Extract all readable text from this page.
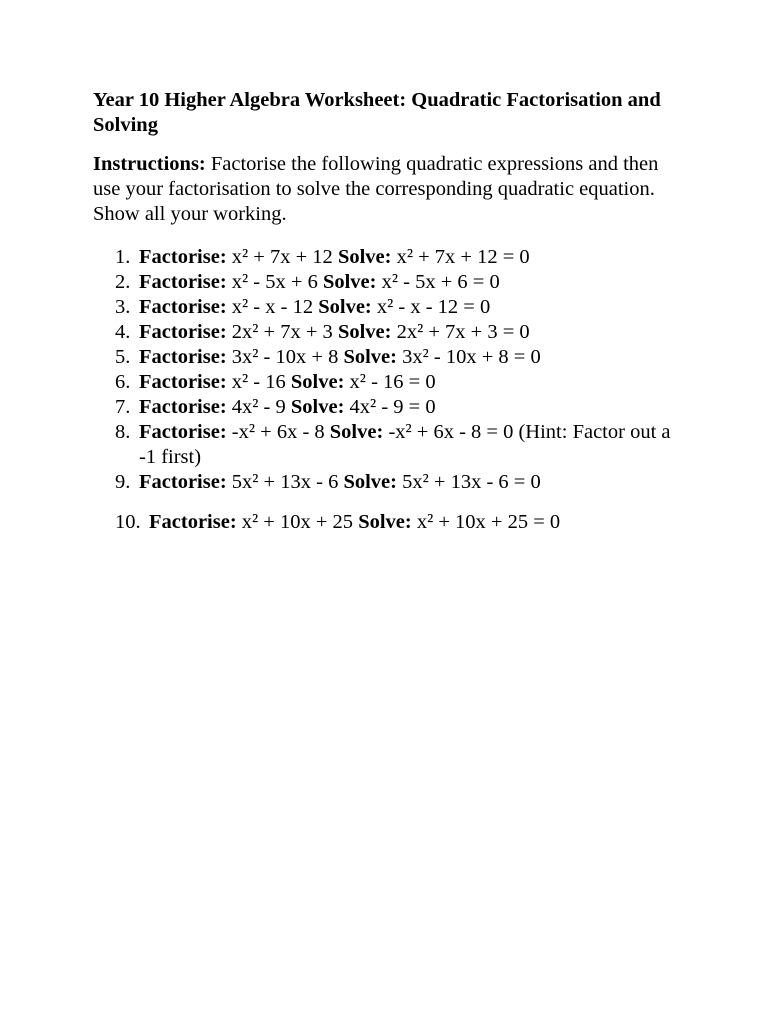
Year 10 Higher Algebra Worksheet: Quadratic Factorisation and Solving

Instructions: Factorise the following quadratic expressions and then use your factorisation to solve the corresponding quadratic equation. Show all your working.

1. Factorise: x² + 7x + 12 Solve: x² + 7x + 12 = 0
2. Factorise: x² - 5x + 6 Solve: x² - 5x + 6 = 0
3. Factorise: x² - x - 12 Solve: x² - x - 12 = 0
4. Factorise: 2x² + 7x + 3 Solve: 2x² + 7x + 3 = 0
5. Factorise: 3x² - 10x + 8 Solve: 3x² - 10x + 8 = 0
6. Factorise: x² - 16 Solve: x² - 16 = 0
7. Factorise: 4x² - 9 Solve: 4x² - 9 = 0
8. Factorise: -x² + 6x - 8 Solve: -x² + 6x - 8 = 0 (Hint: Factor out a -1 first)
9. Factorise: 5x² + 13x - 6 Solve: 5x² + 13x - 6 = 0
10. Factorise: x² + 10x + 25 Solve: x² + 10x + 25 = 0
